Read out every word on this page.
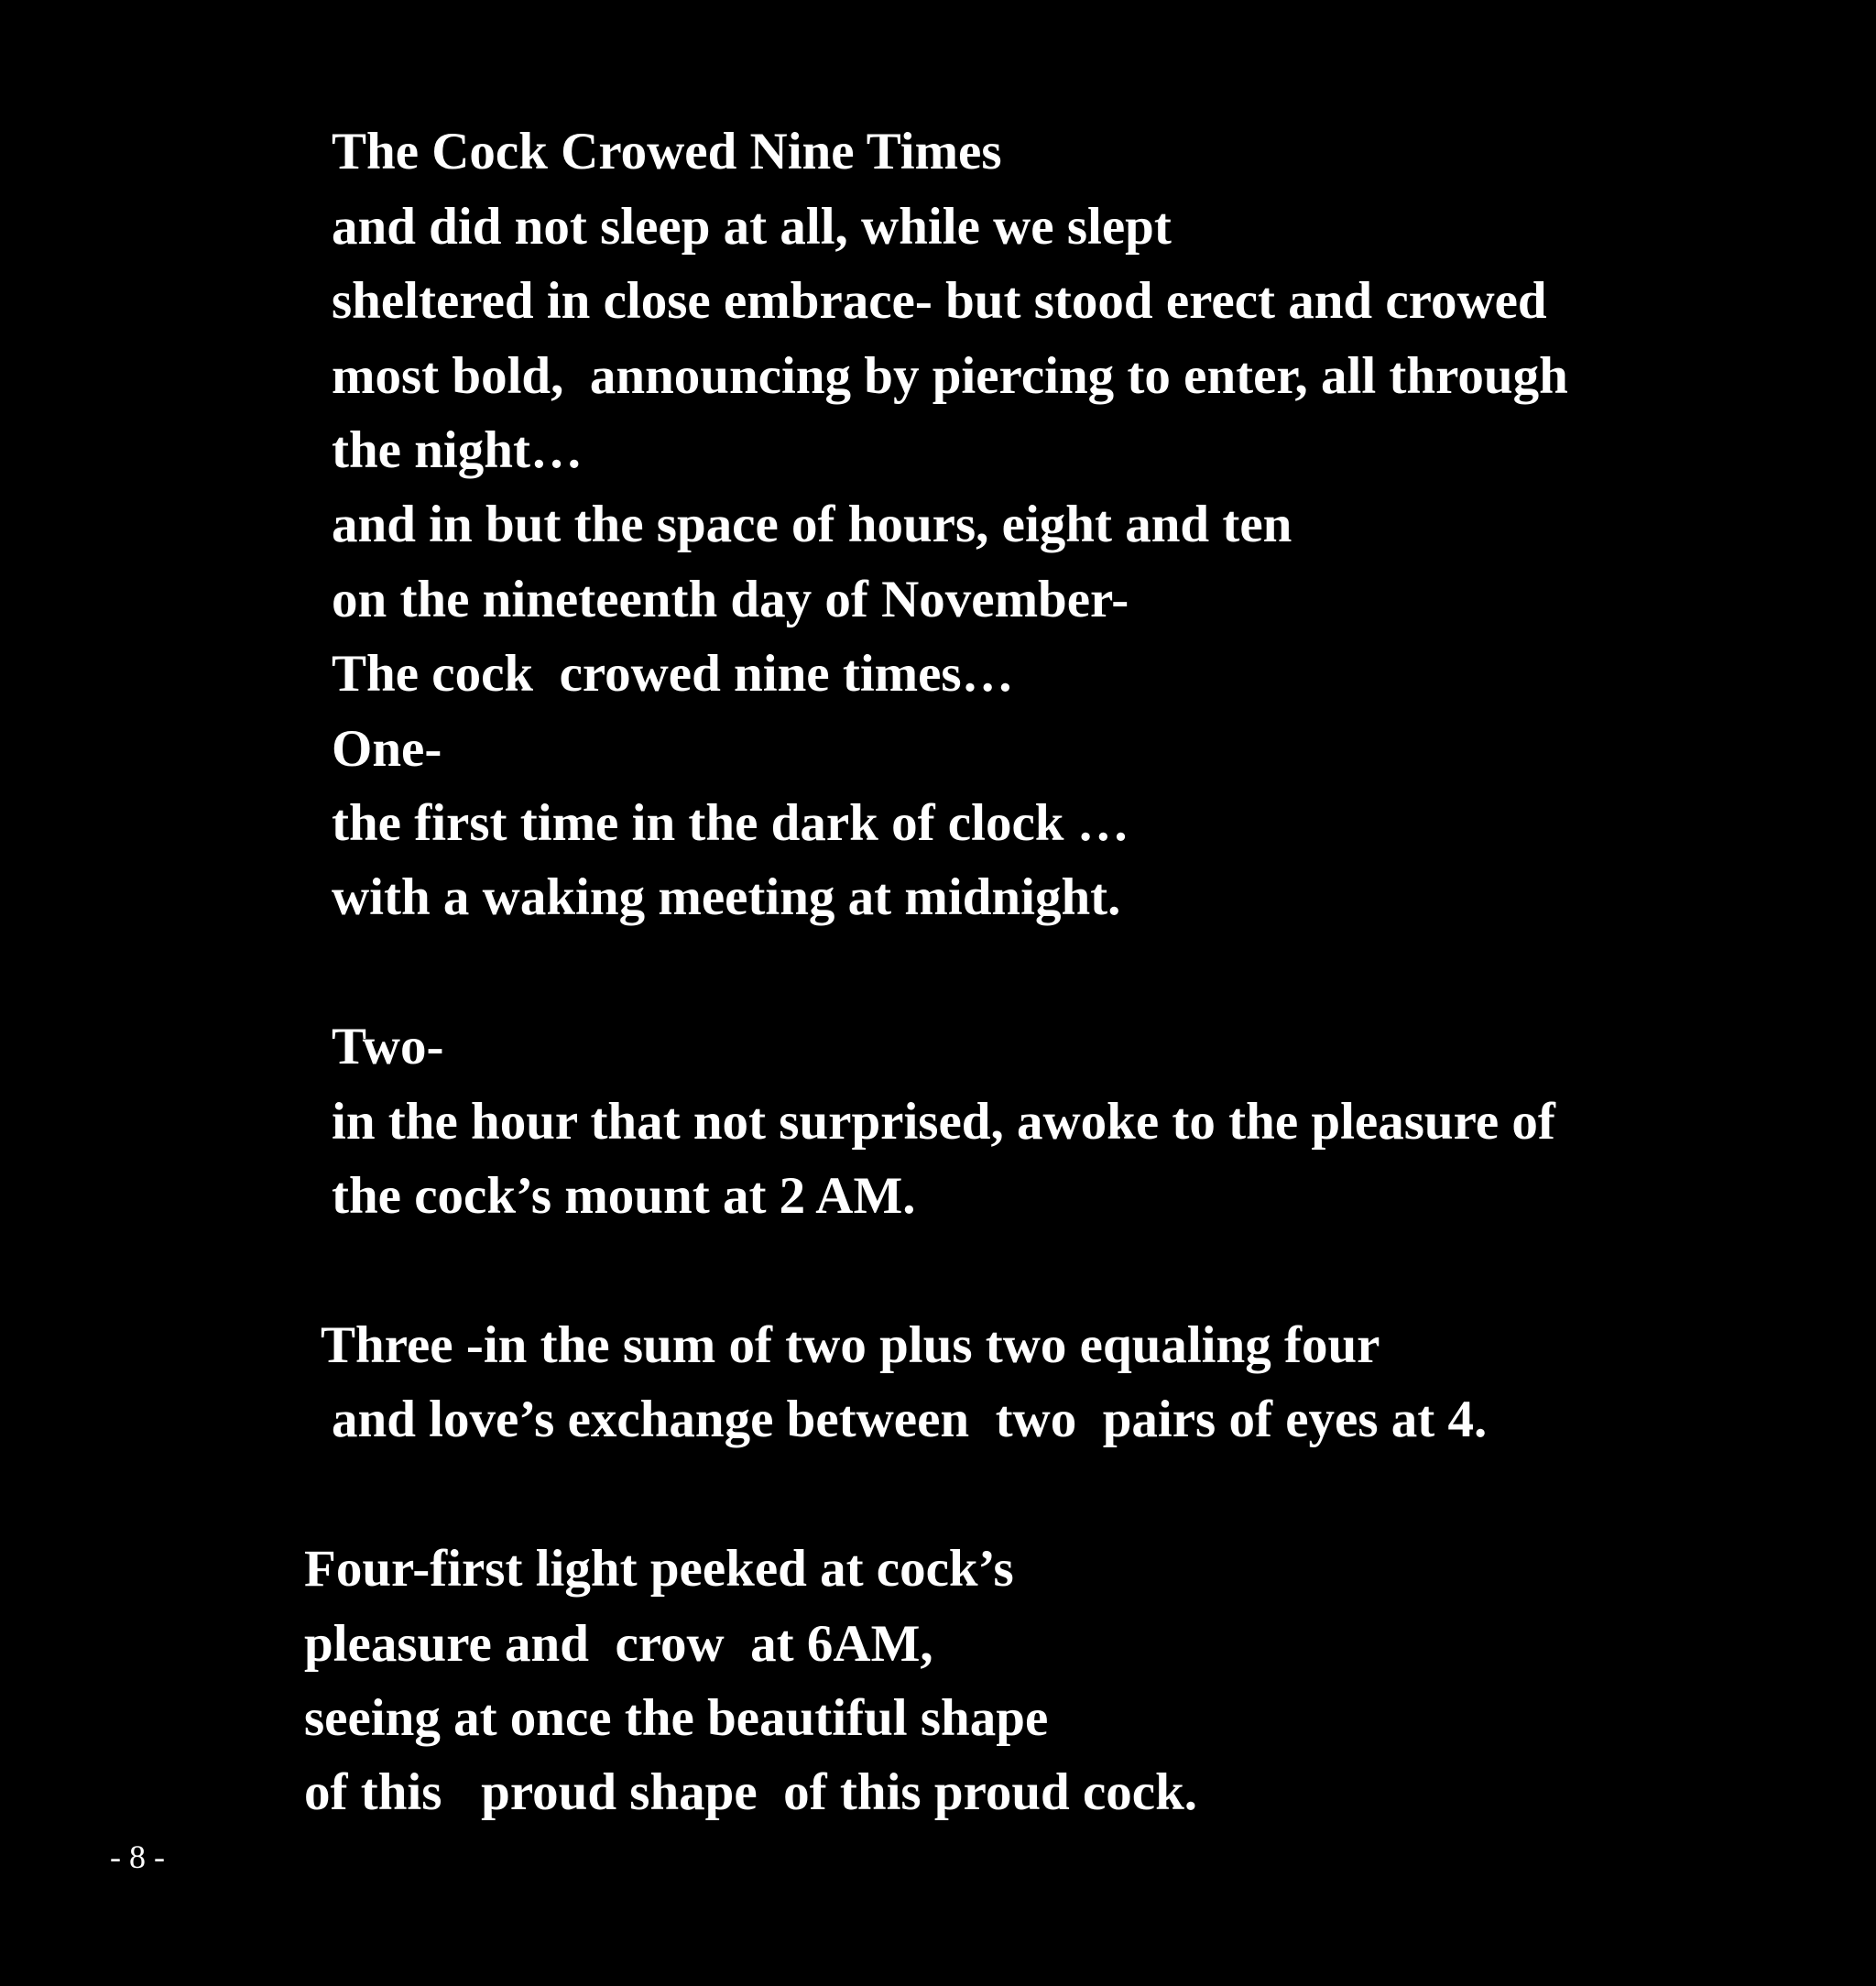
The Cock Crowed Nine Times
and did not sleep at all, while we slept
sheltered in close embrace- but stood erect and crowed
most bold,  announcing by piercing to enter, all through
the night…
and in but the space of hours, eight and ten
on the nineteenth day of November-
The cock  crowed nine times…
One-
the first time in the dark of clock …
with a waking meeting at midnight.
Two-
in the hour that not surprised, awoke to the pleasure of
the cock’s mount at 2 AM.
Three -in the sum of two plus two equaling four
and love’s exchange between  two  pairs of eyes at 4.
Four-first light peeked at cock’s
pleasure and  crow  at 6AM,
seeing at once the beautiful shape
of this   proud shape  of this proud cock.
- 8 -
